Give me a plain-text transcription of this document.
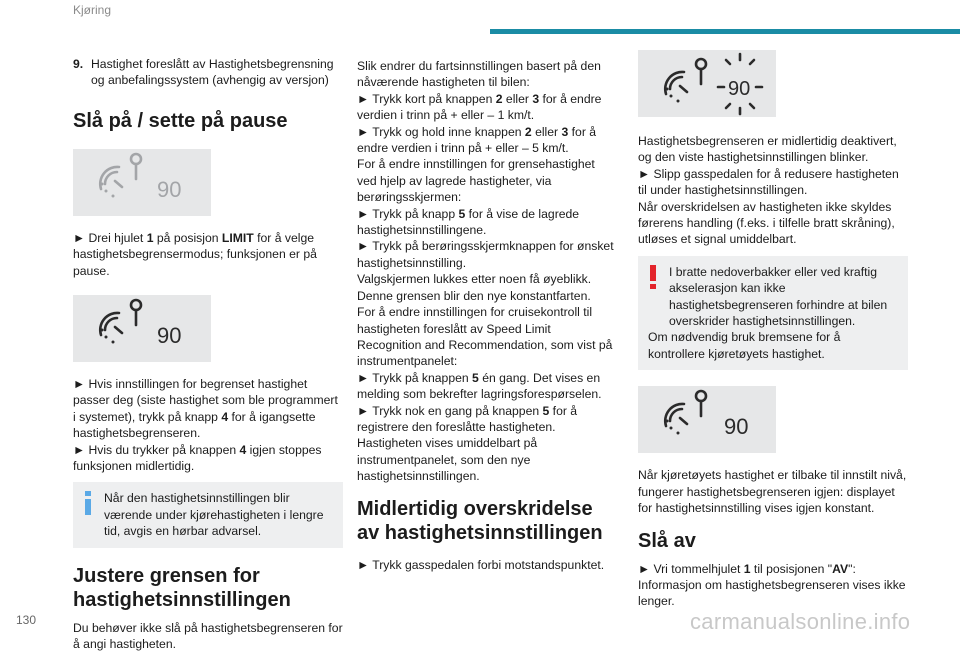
Kjøring
9. Hastighet foreslått av Hastighetsbegrensning og anbefalingssystem (avhengig av versjon)
Slå på / sette på pause
90

► Drei hjulet 1 på posisjon LIMIT for å velge hastighetsbegrensermodus; funksjonen er på pause.

90

► Hvis innstillingen for begrenset hastighet passer deg (siste hastighet som ble programmert i systemet), trykk på knapp 4 for å igangsette hastighetsbegrenseren.

► Hvis du trykker på knappen 4 igjen stoppes funksjonen midlertidig.

Når den hastighetsinnstillingen blir værende under kjørehastigheten i lengre tid, avgis en hørbar advarsel.

Justere grensen for hastighetsinnstillingen

Du behøver ikke slå på hastighetsbegrenseren for å angi hastigheten.

Slik endrer du fartsinnstillingen basert på den nåværende hastigheten til bilen:

► Trykk kort på knappen 2 eller 3 for å endre verdien i trinn på + eller – 1 km/t.

► Trykk og hold inne knappen 2 eller 3 for å endre verdien i trinn på + eller – 5 km/t.

For å endre innstillingen for grensehastighet ved hjelp av lagrede hastigheter, via berøringsskjermen:

► Trykk på knapp 5 for å vise de lagrede hastighetsinnstillingene.

► Trykk på berøringsskjermknappen for ønsket hastighetsinnstilling.

Valgskjermen lukkes etter noen få øyeblikk. Denne grensen blir den nye konstantfarten.

For å endre innstillingen for cruisekontroll til hastigheten foreslått av Speed Limit Recognition and Recommendation, som vist på instrumentpanelet:

► Trykk på knappen 5 én gang. Det vises en melding som bekrefter lagringsforespørselen.

► Trykk nok en gang på knappen 5 for å registrere den foreslåtte hastigheten.

Hastigheten vises umiddelbart på instrumentpanelet, som den nye hastighetsinnstillingen.

Midlertidig overskridelse av hastighetsinnstillingen

► Trykk gasspedalen forbi motstandspunktet.

90

Hastighetsbegrenseren er midlertidig deaktivert, og den viste hastighetsinnstillingen blinker.

► Slipp gasspedalen for å redusere hastigheten til under hastighetsinnstillingen.

Når overskridelsen av hastigheten ikke skyldes førerens handling (f.eks. i tilfelle bratt skråning), utløses et signal umiddelbart.

I bratte nedoverbakker eller ved kraftig akselerasjon kan ikke hastighetsbegrenseren forhindre at bilen overskrider hastighetsinnstillingen.

Om nødvendig bruk bremsene for å kontrollere kjøretøyets hastighet.

90

Når kjøretøyets hastighet er tilbake til innstilt nivå, fungerer hastighetsbegrenseren igjen: displayet for hastighetsinnstilling vises igjen konstant.

Slå av

► Vri tommelhjulet 1 til posisjonen "AV": Informasjon om hastighetsbegrenseren vises ikke lenger.

130	carmanualsonline.info
